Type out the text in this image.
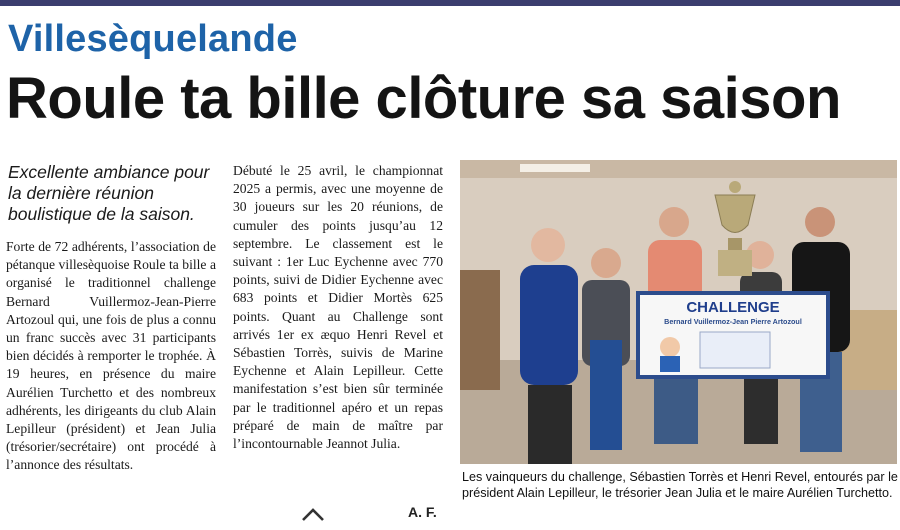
Villesèquelande
Roule ta bille clôture sa saison
Excellente ambiance pour la dernière réunion boulistique de la saison.
Forte de 72 adhérents, l’association de pétanque villesèquoise Roule ta bille a organisé le traditionnel challenge Bernard Vuillermoz-Jean-Pierre Artozoul qui, une fois de plus a connu un franc succès avec 31 participants bien décidés à remporter le trophée. À 19 heures, en présence du maire Aurélien Turchetto et des nombreux adhérents, les dirigeants du club Alain Lepilleur (président) et Jean Julia (trésorier/secrétaire) ont procédé à l’annonce des résultats.
Débuté le 25 avril, le championnat 2025 a permis, avec une moyenne de 30 joueurs sur les 20 réunions, de cumuler des points jusqu’au 12 septembre. Le classement est le suivant : 1er Luc Eychenne avec 770 points, suivi de Didier Eychenne avec 683 points et Didier Mortès 625 points. Quant au Challenge sont arrivés 1er ex æquo Henri Revel et Sébastien Torrès, suivis de Marine Eychenne et Alain Lepilleur. Cette manifestation s’est bien sûr terminée par le traditionnel apéro et un repas préparé de main de maître par l’incontournable Jeannot Julia.
A. F.
CHALLENGE
Bernard Vuillermoz-Jean Pierre Artozoul
Les vainqueurs du challenge, Sébastien Torrès et Henri Revel, entourés par le président Alain Lepilleur, le trésorier Jean Julia et le maire Aurélien Turchetto.
